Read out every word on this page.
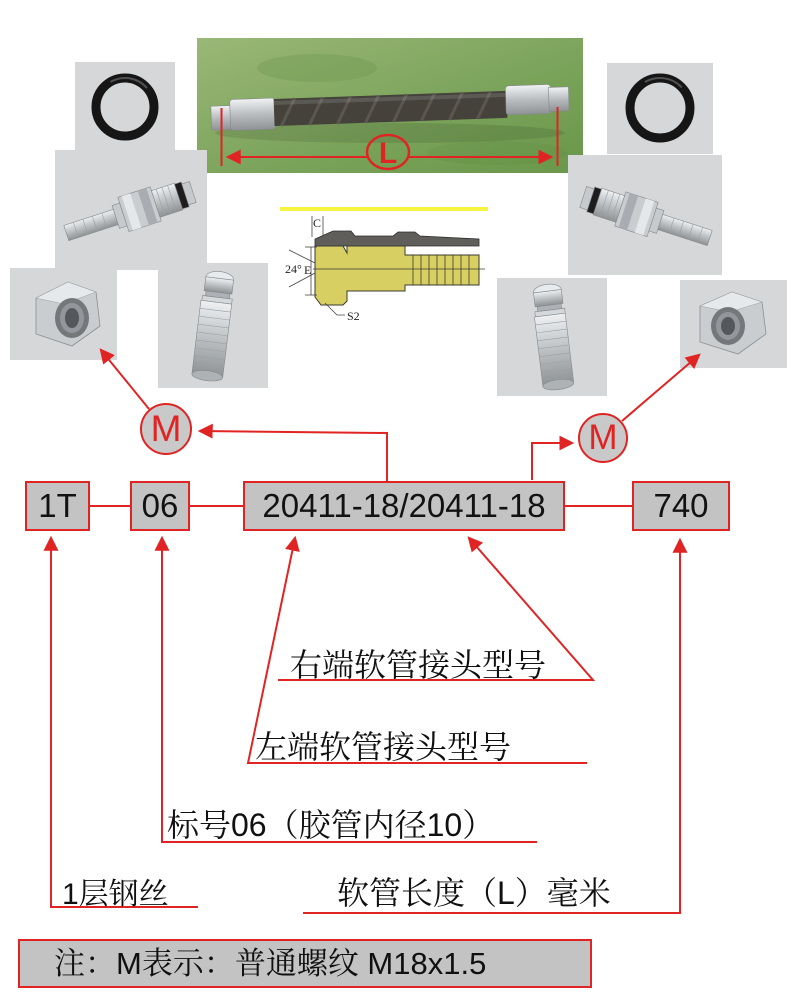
C
24° E
S2
L
M	M
1T	06	20411-18/20411-18	740
右端软管接头型号
左端软管接头型号
标号06（胶管内径10）
1层钢丝	软管长度（L）毫米
注：M表示：普通螺纹 M18x1.5
